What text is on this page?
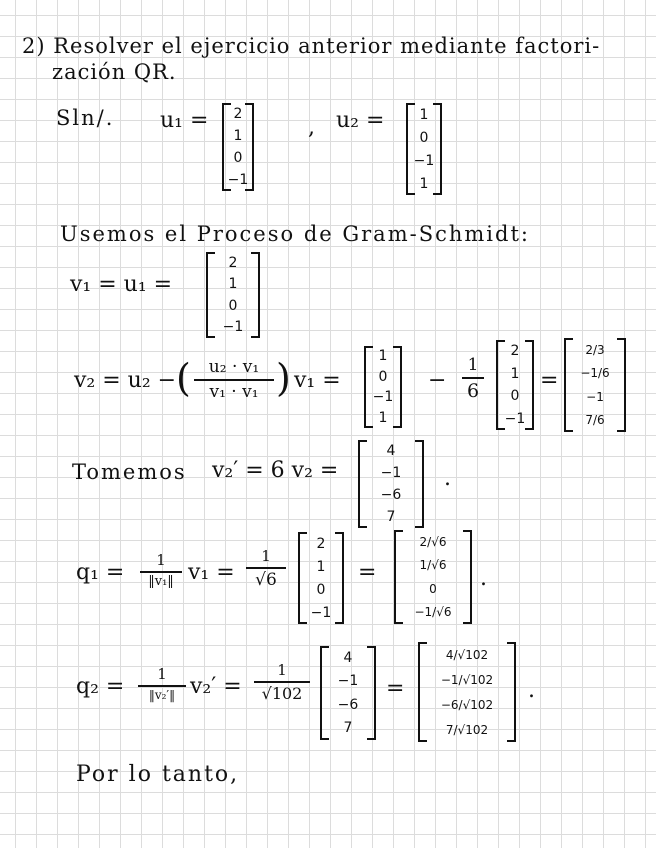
2) Resolver el ejercicio anterior mediante factori-
zación QR.
Sln/. u₁ = 2
1
0
−1
, u₂ =	1
0
−1
1
Usemos el Proceso de Gram-Schmidt:
v₁ = u₁ =
2
1
0
−1
v₂ = u₂ − ( u₂ · v₁
v₁ · v₁ ) v₁ =
1
0
−1
1
−
1
6
2
1
0
−1
=
2/3
−1/6
−1
7/6
Tomemos v₂′ = 6 v₂ =
4
−1
−6
7
.
q₁ = 1
‖v₁‖ v₁ =
1
√6
2
1
0
−1
=
2/√6
1/√6
0
−1/√6
.
q₂ = 1
‖v₂′‖ v₂′ =
1
√102
4
−1
−6
7
=
4/√102
−1/√102
−6/√102
7/√102
.
Por lo tanto,
